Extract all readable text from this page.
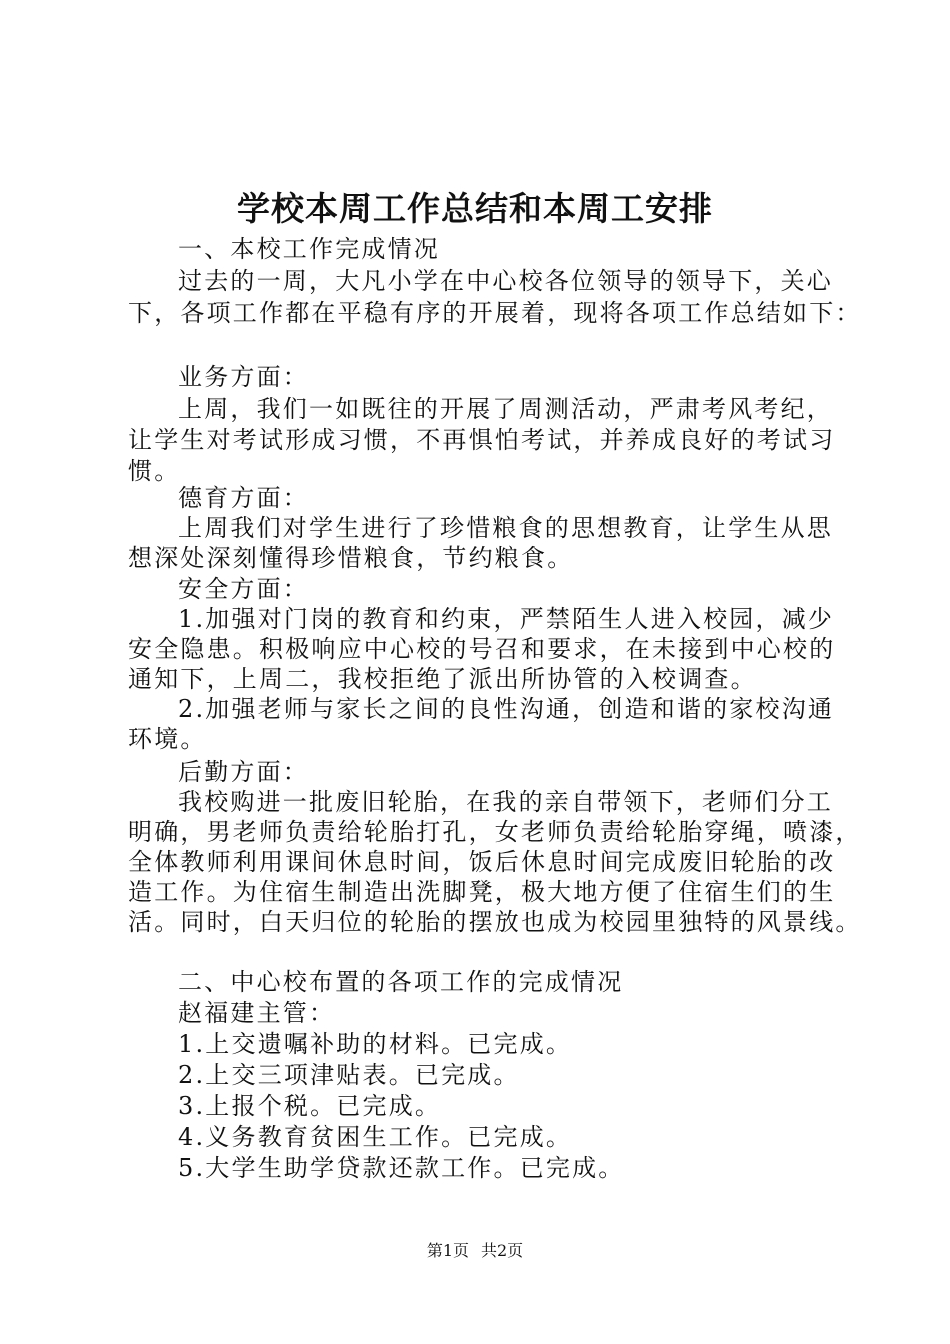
学校本周工作总结和本周工安排
一、本校工作完成情况
过去的一周，大凡小学在中心校各位领导的领导下，关心
下，各项工作都在平稳有序的开展着，现将各项工作总结如下：
业务方面：
上周，我们一如既往的开展了周测活动，严肃考风考纪，
让学生对考试形成习惯，不再惧怕考试，并养成良好的考试习
惯。
德育方面：
上周我们对学生进行了珍惜粮食的思想教育，让学生从思
想深处深刻懂得珍惜粮食，节约粮食。
安全方面：
1.加强对门岗的教育和约束，严禁陌生人进入校园，减少
安全隐患。积极响应中心校的号召和要求，在未接到中心校的
通知下，上周二，我校拒绝了派出所协管的入校调查。
2.加强老师与家长之间的良性沟通，创造和谐的家校沟通
环境。
后勤方面：
我校购进一批废旧轮胎，在我的亲自带领下，老师们分工
明确，男老师负责给轮胎打孔，女老师负责给轮胎穿绳，喷漆，
全体教师利用课间休息时间，饭后休息时间完成废旧轮胎的改
造工作。为住宿生制造出洗脚凳，极大地方便了住宿生们的生
活。同时，白天归位的轮胎的摆放也成为校园里独特的风景线。
二、中心校布置的各项工作的完成情况
赵福建主管：
1.上交遗嘱补助的材料。已完成。
2.上交三项津贴表。已完成。
3.上报个税。已完成。
4.义务教育贫困生工作。已完成。
5.大学生助学贷款还款工作。已完成。
第1页 共2页
